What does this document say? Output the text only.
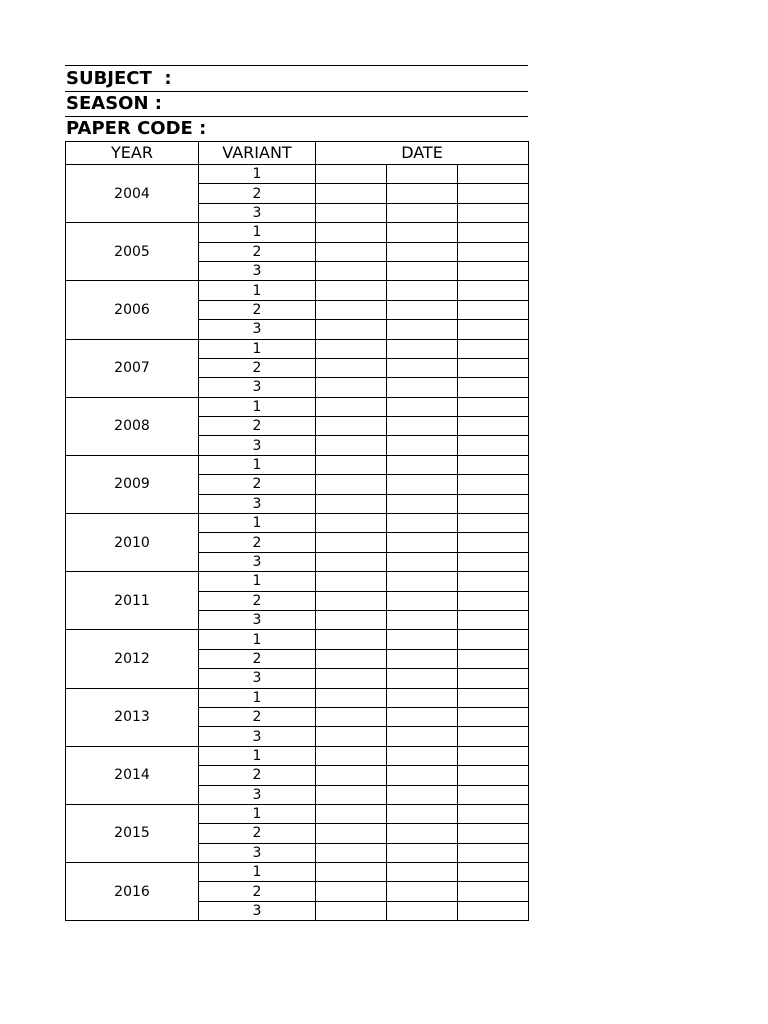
SUBJECT  :
SEASON :
PAPER CODE :
YEAR	VARIANT	DATE		
2004	1			
	2			
	3			
2005	1			
	2			
	3			
2006	1			
	2			
	3			
2007	1			
	2			
	3			
2008	1			
	2			
	3			
2009	1			
	2			
	3			
2010	1			
	2			
	3			
2011	1			
	2			
	3			
2012	1			
	2			
	3			
2013	1			
	2			
	3			
2014	1			
	2			
	3			
2015	1			
	2			
	3			
2016	1			
	2			
	3			
